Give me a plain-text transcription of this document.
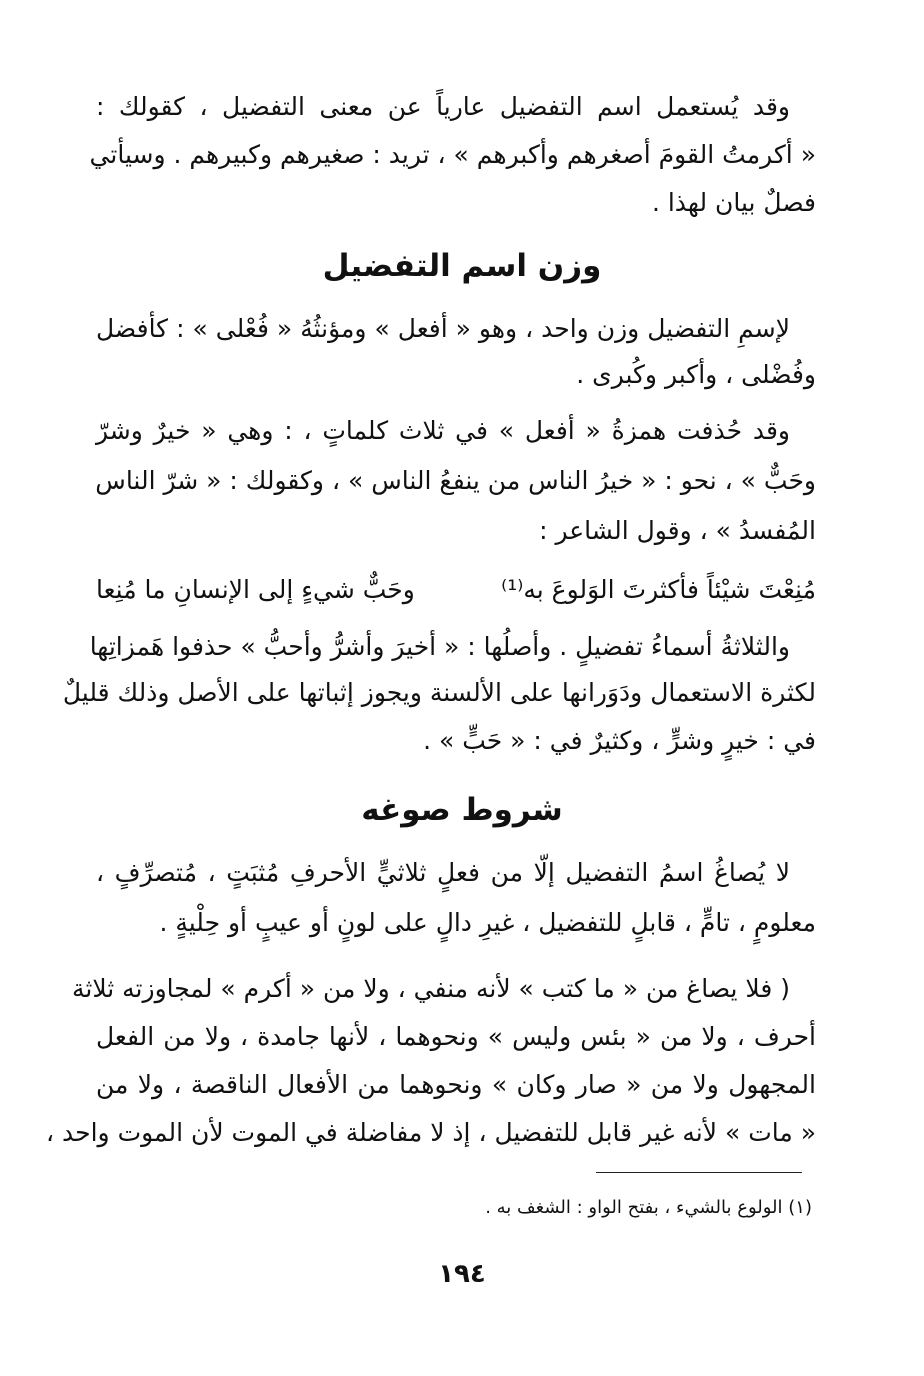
وقد يُستعمل اسم التفضيل عارياً عن معنى التفضيل ، كقولك :
« أكرمتُ القومَ أصغرهم وأكبرهم » ، تريد : صغيرهم وكبيرهم . وسيأتي
فصلٌ بيان لهذا .
وزن اسم التفضيل
لإسمِ التفضيل وزن واحد ، وهو « أفعل » ومؤنثُهُ « فُعْلى » : كأفضل
وفُضْلى ، وأكبر وكُبرى .
وقد حُذفت همزةُ « أفعل » في ثلاث كلماتٍ ، : وهي « خيرٌ وشرّ
وحَبٌّ » ، نحو : « خيرُ الناس من ينفعُ الناس » ، وكقولك : « شرّ الناس
المُفسدُ » ، وقول الشاعر :
مُنِعْتَ شيْئاً فأكثرتَ الوَلوعَ به⁽¹⁾
وحَبٌّ شيءٍ إلى الإنسانِ ما مُنِعا
والثلاثةُ أسماءُ تفضيلٍ . وأصلُها : « أخيرَ وأشرُّ وأحبُّ » حذفوا هَمزاتِها
لكثرة الاستعمال ودَوَرانها على الألسنة ويجوز إثباتها على الأصل وذلك قليلٌ
في : خيرٍ وشرٍّ ، وكثيرٌ في : « حَبٍّ » .
شروط صوغه
لا يُصاغُ اسمُ التفضيل إلّا من فعلٍ ثلاثيٍّ الأحرفِ مُثبَتٍ ، مُتصرِّفٍ ،
معلومٍ ، تامٍّ ، قابلٍ للتفضيل ، غيرِ دالٍ على لونٍ أو عيبٍ أو حِلْيةٍ .
( فلا يصاغ من « ما كتب » لأنه منفي ، ولا من « أكرم » لمجاوزته ثلاثة
أحرف ، ولا من « بئس وليس » ونحوهما ، لأنها جامدة ، ولا من الفعل
المجهول ولا من « صار وكان » ونحوهما من الأفعال الناقصة ، ولا من
« مات » لأنه غير قابل للتفضيل ، إذ لا مفاضلة في الموت لأن الموت واحد ،
(١) الولوع بالشيء ، بفتح الواو : الشغف به .
١٩٤
